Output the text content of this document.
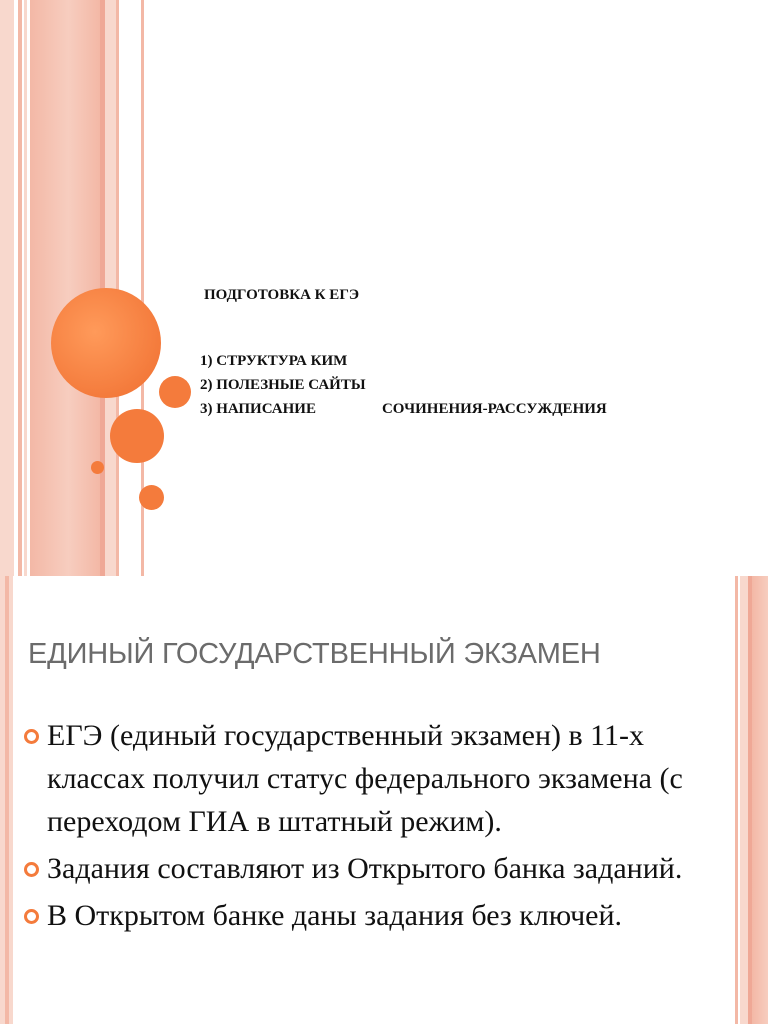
ПОДГОТОВКА К ЕГЭ
1) СТРУКТУРА КИМ
2) ПОЛЕЗНЫЕ САЙТЫ
3) НАПИСАНИЕ	СОЧИНЕНИЯ-РАССУЖДЕНИЯ
ЕДИНЫЙ ГОСУДАРСТВЕННЫЙ ЭКЗАМЕН
ЕГЭ (единый государственный экзамен) в 11-х классах получил статус федерального экзамена (с переходом ГИА в штатный режим).
Задания составляют из Открытого банка заданий.
В Открытом банке даны задания без ключей.
